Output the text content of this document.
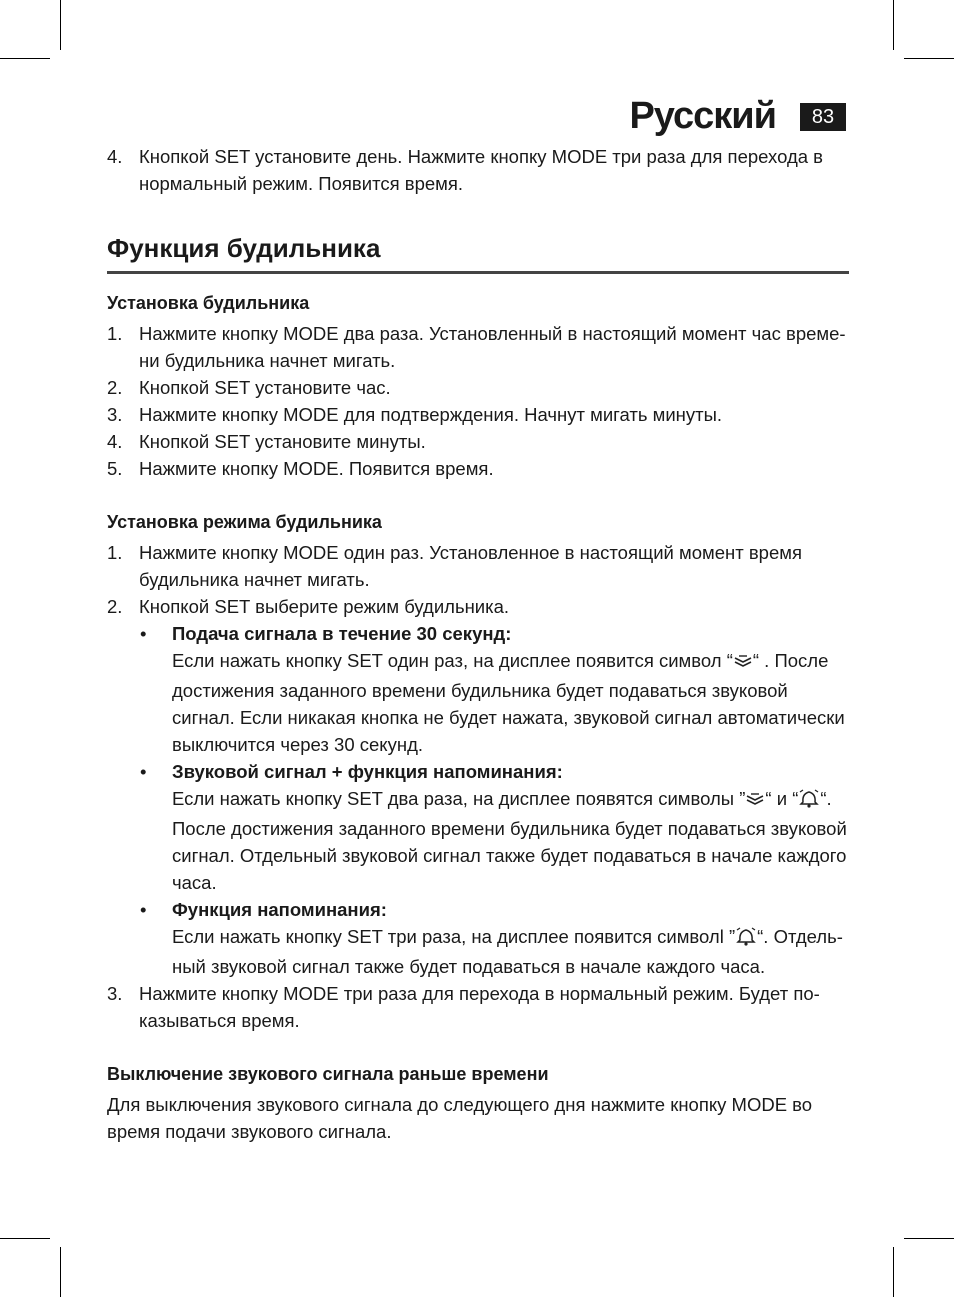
Русский	83
4. Кнопкой SET установите день. Нажмите кнопку MODE три раза для перехода в нормальный режим. Появится время.
Функция будильника
Установка будильника
1. Нажмите кнопку MODE два раза. Установленный в настоящий момент час време-ни будильника начнет мигать.
2. Кнопкой SET установите час.
3. Нажмите кнопку MODE для подтверждения. Начнут мигать минуты.
4. Кнопкой SET установите минуты.
5. Нажмите кнопку MODE. Появится время.
Установка режима будильника
1. Нажмите кнопку MODE один раз. Установленное в настоящий момент время будильника начнет мигать.
2. Кнопкой SET выберите режим будильника.
• Подача сигнала в течение 30 секунд:
Если нажать кнопку SET один раз, на дисплее появится символ “ “ . После достижения заданного времени будильника будет подаваться звуковой сигнал. Если никакая кнопка не будет нажата, звуковой сигнал автоматически выключится через 30 секунд.
• Звуковой сигнал + функция напоминания:
Если нажать кнопку SET два раза, на дисплее появятся символы ” “ и “ “. После достижения заданного времени будильника будет подаваться звуковой сигнал. Отдельный звуковой сигнал также будет подаваться в начале каждого часа.
• Функция напоминания:
Если нажать кнопку SET три раза, на дисплее появится символl ” “. Отдель-ный звуковой сигнал также будет подаваться в начале каждого часа.
3. Нажмите кнопку MODE три раза для перехода в нормальный режим. Будет по-казываться время.
Выключение звукового сигнала раньше времени
Для выключения звукового сигнала до следующего дня нажмите кнопку MODE во время подачи звукового сигнала.
